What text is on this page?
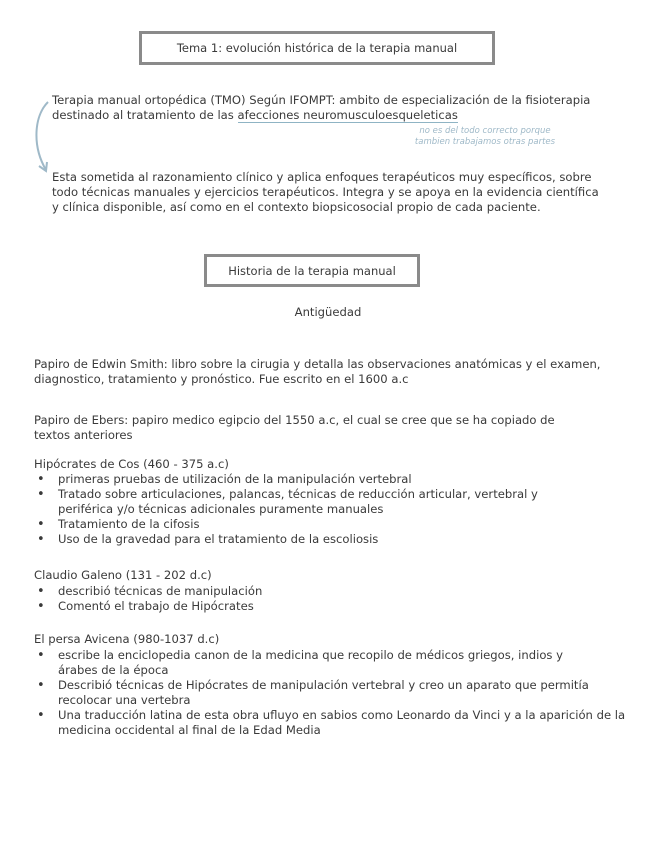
Tema 1: evolución histórica de la terapia manual

Terapia manual ortopédica (TMO) Según IFOMPT: ambito de especialización de la fisioterapia destinado al tratamiento de las afecciones neuromusculoesqueleticas

no es del todo correcto porque
tambien trabajamos otras partes

Esta sometida al razonamiento clínico y aplica enfoques terapéuticos muy específicos, sobre todo técnicas manuales y ejercicios terapéuticos. Integra y se apoya en la evidencia científica y clínica disponible, así como en el contexto biopsicosocial propio de cada paciente.

Historia de la terapia manual
Antigüedad

Papiro de Edwin Smith: libro sobre la cirugia y detalla las observaciones anatómicas y el examen, diagnostico, tratamiento y pronóstico. Fue escrito en el 1600 a.c

Papiro de Ebers: papiro medico egipcio del 1550 a.c, el cual se cree que se ha copiado de textos anteriores

Hipócrates de Cos (460 - 375 a.c)
• primeras pruebas de utilización de la manipulación vertebral
• Tratado sobre articulaciones, palancas, técnicas de reducción articular, vertebral y periférica y/o técnicas adicionales puramente manuales
• Tratamiento de la cifosis
• Uso de la gravedad para el tratamiento de la escoliosis
Claudio Galeno (131 - 202 d.c)
• describió técnicas de manipulación
• Comentó el trabajo de Hipócrates
El persa Avicena (980-1037 d.c)
• escribe la enciclopedia canon de la medicina que recopilo de médicos griegos, indios y árabes de la época
• Describió técnicas de Hipócrates de manipulación vertebral y creo un aparato que permitía recolocar una vertebra
• Una traducción latina de esta obra ufluyo en sabios como Leonardo da Vinci y a la aparición de la medicina occidental al final de la Edad Media
